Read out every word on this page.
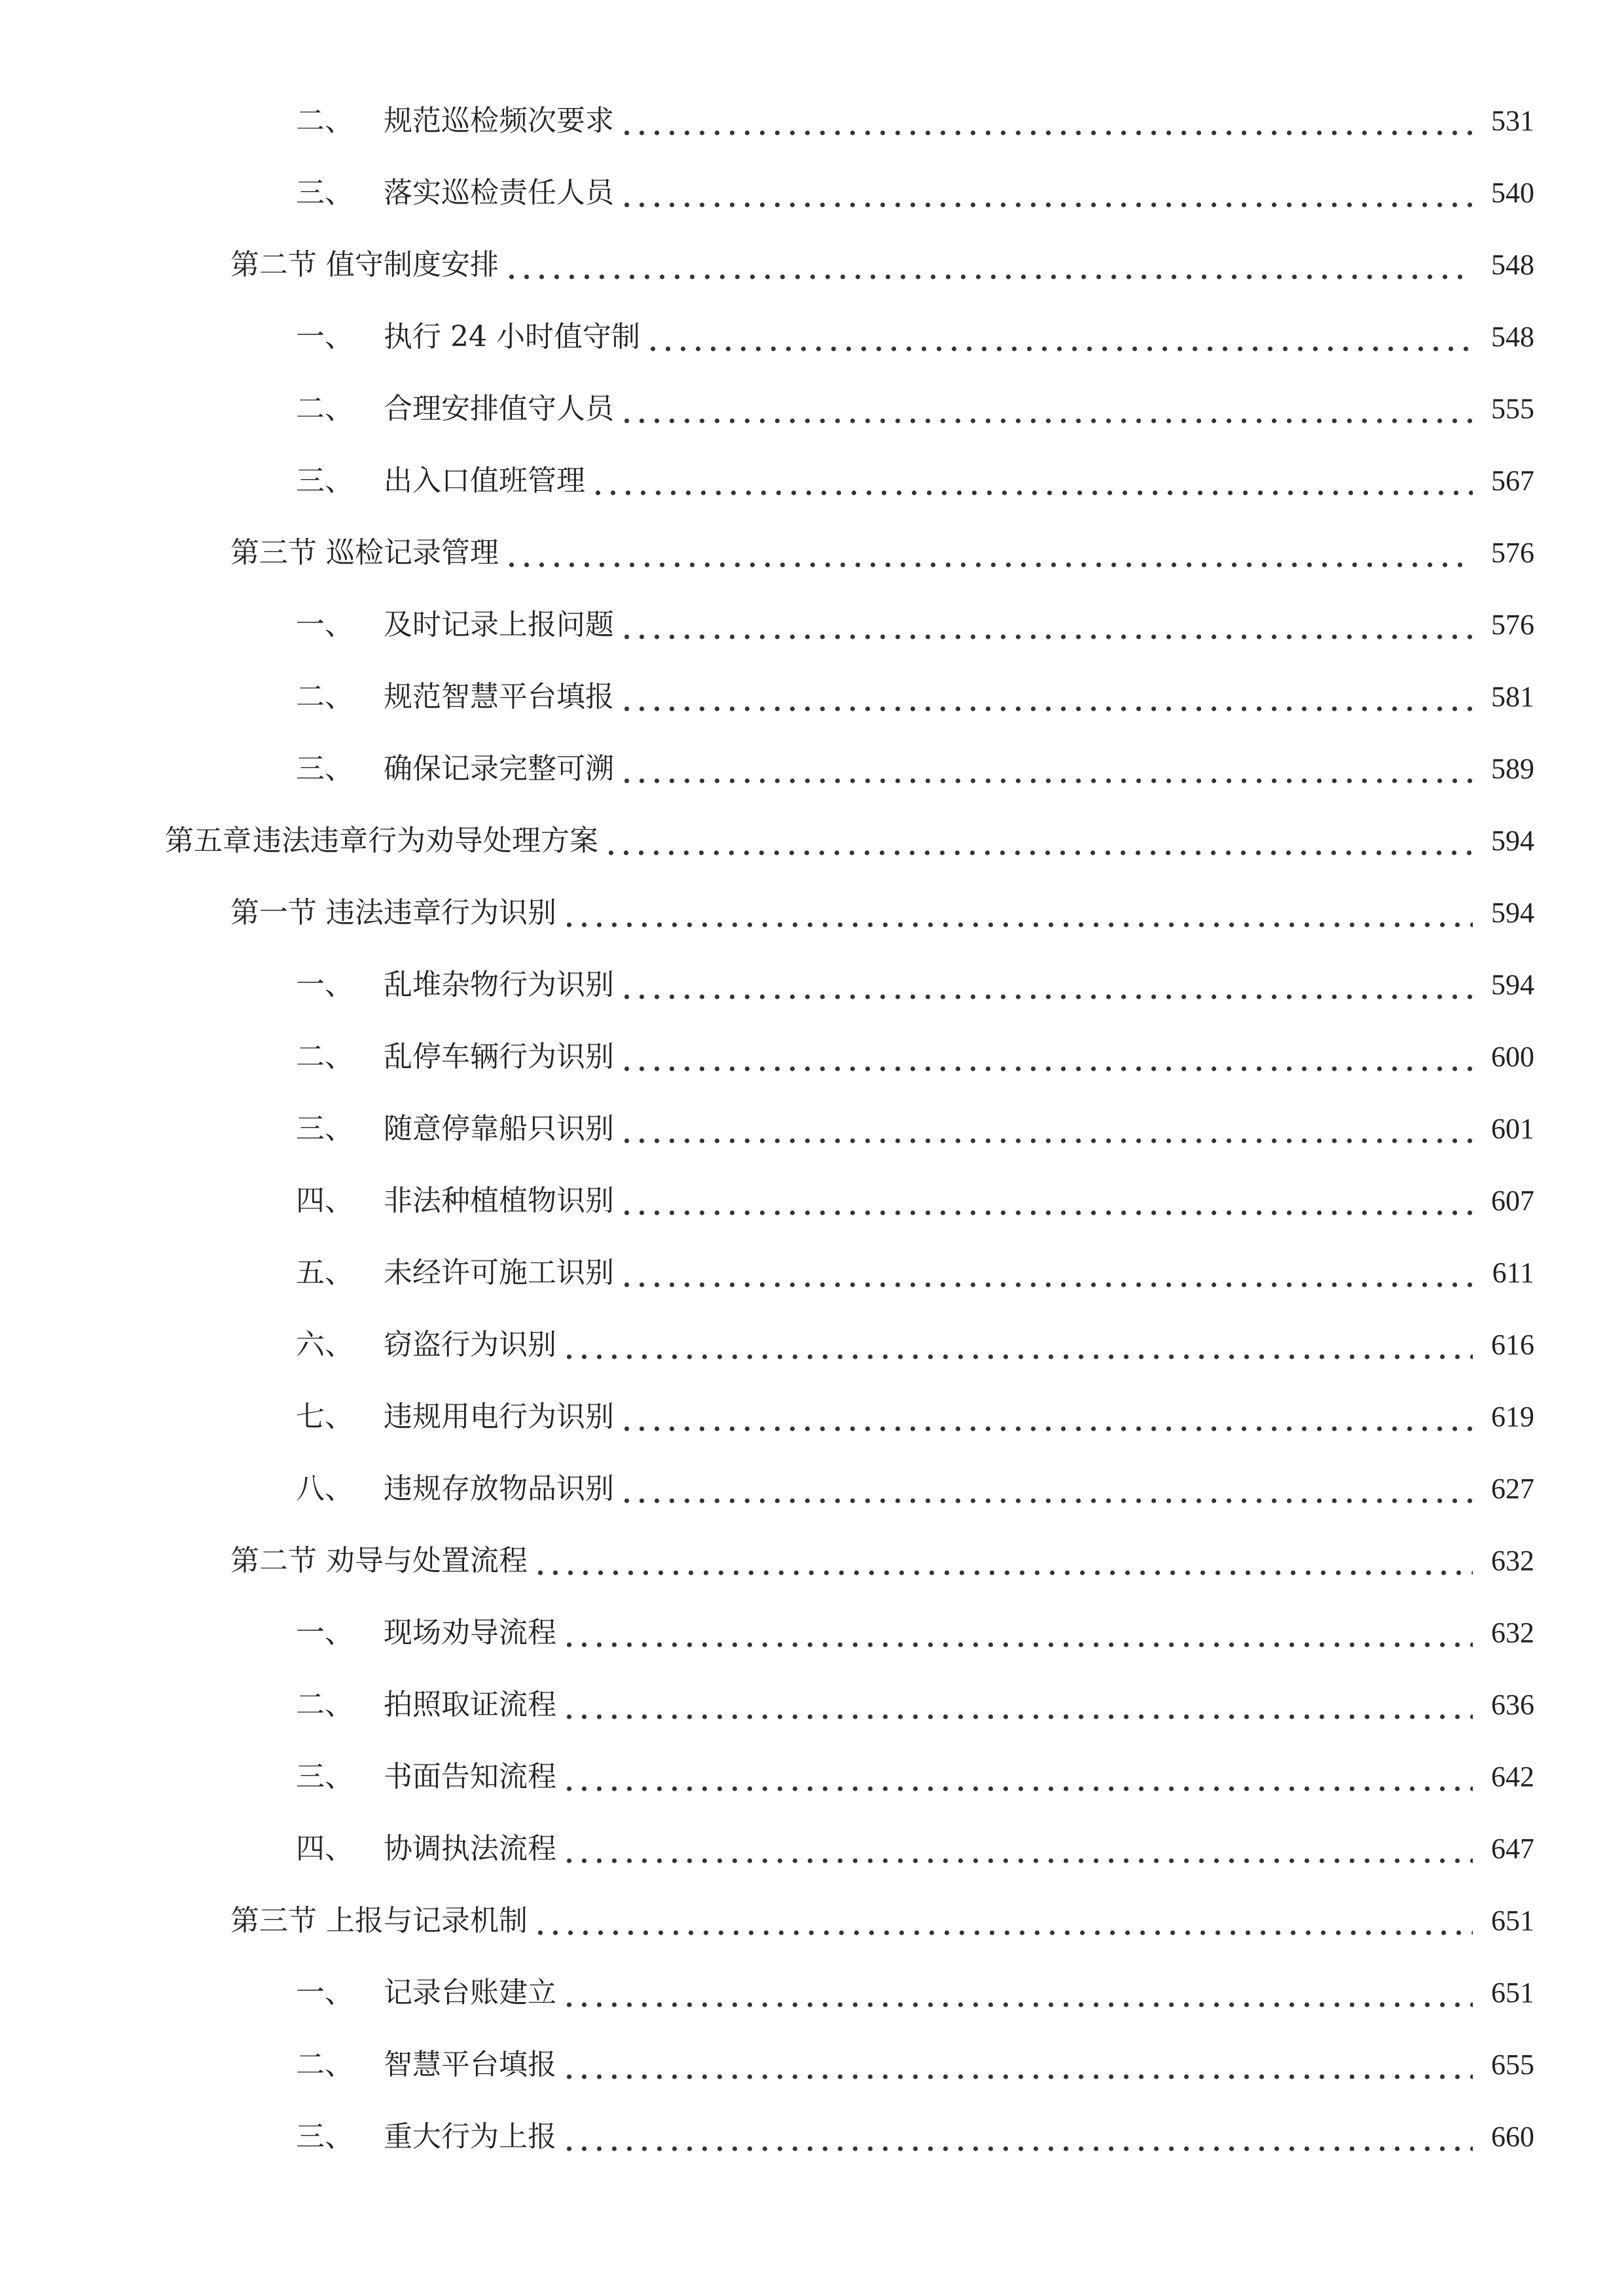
二、	规范巡检频次要求	531
三、	落实巡检责任人员	540
第二节 值守制度安排	548
一、	执行 24 小时值守制	548
二、	合理安排值守人员	555
三、	出入口值班管理	567
第三节 巡检记录管理	576
一、	及时记录上报问题	576
二、	规范智慧平台填报	581
三、	确保记录完整可溯	589
第五章 违法违章行为劝导处理方案	594
第一节 违法违章行为识别	594
一、	乱堆杂物行为识别	594
二、	乱停车辆行为识别	600
三、	随意停靠船只识别	601
四、	非法种植植物识别	607
五、	未经许可施工识别	611
六、	窃盗行为识别	616
七、	违规用电行为识别	619
八、	违规存放物品识别	627
第二节 劝导与处置流程	632
一、	现场劝导流程	632
二、	拍照取证流程	636
三、	书面告知流程	642
四、	协调执法流程	647
第三节 上报与记录机制	651
一、	记录台账建立	651
二、	智慧平台填报	655
三、	重大行为上报	660
